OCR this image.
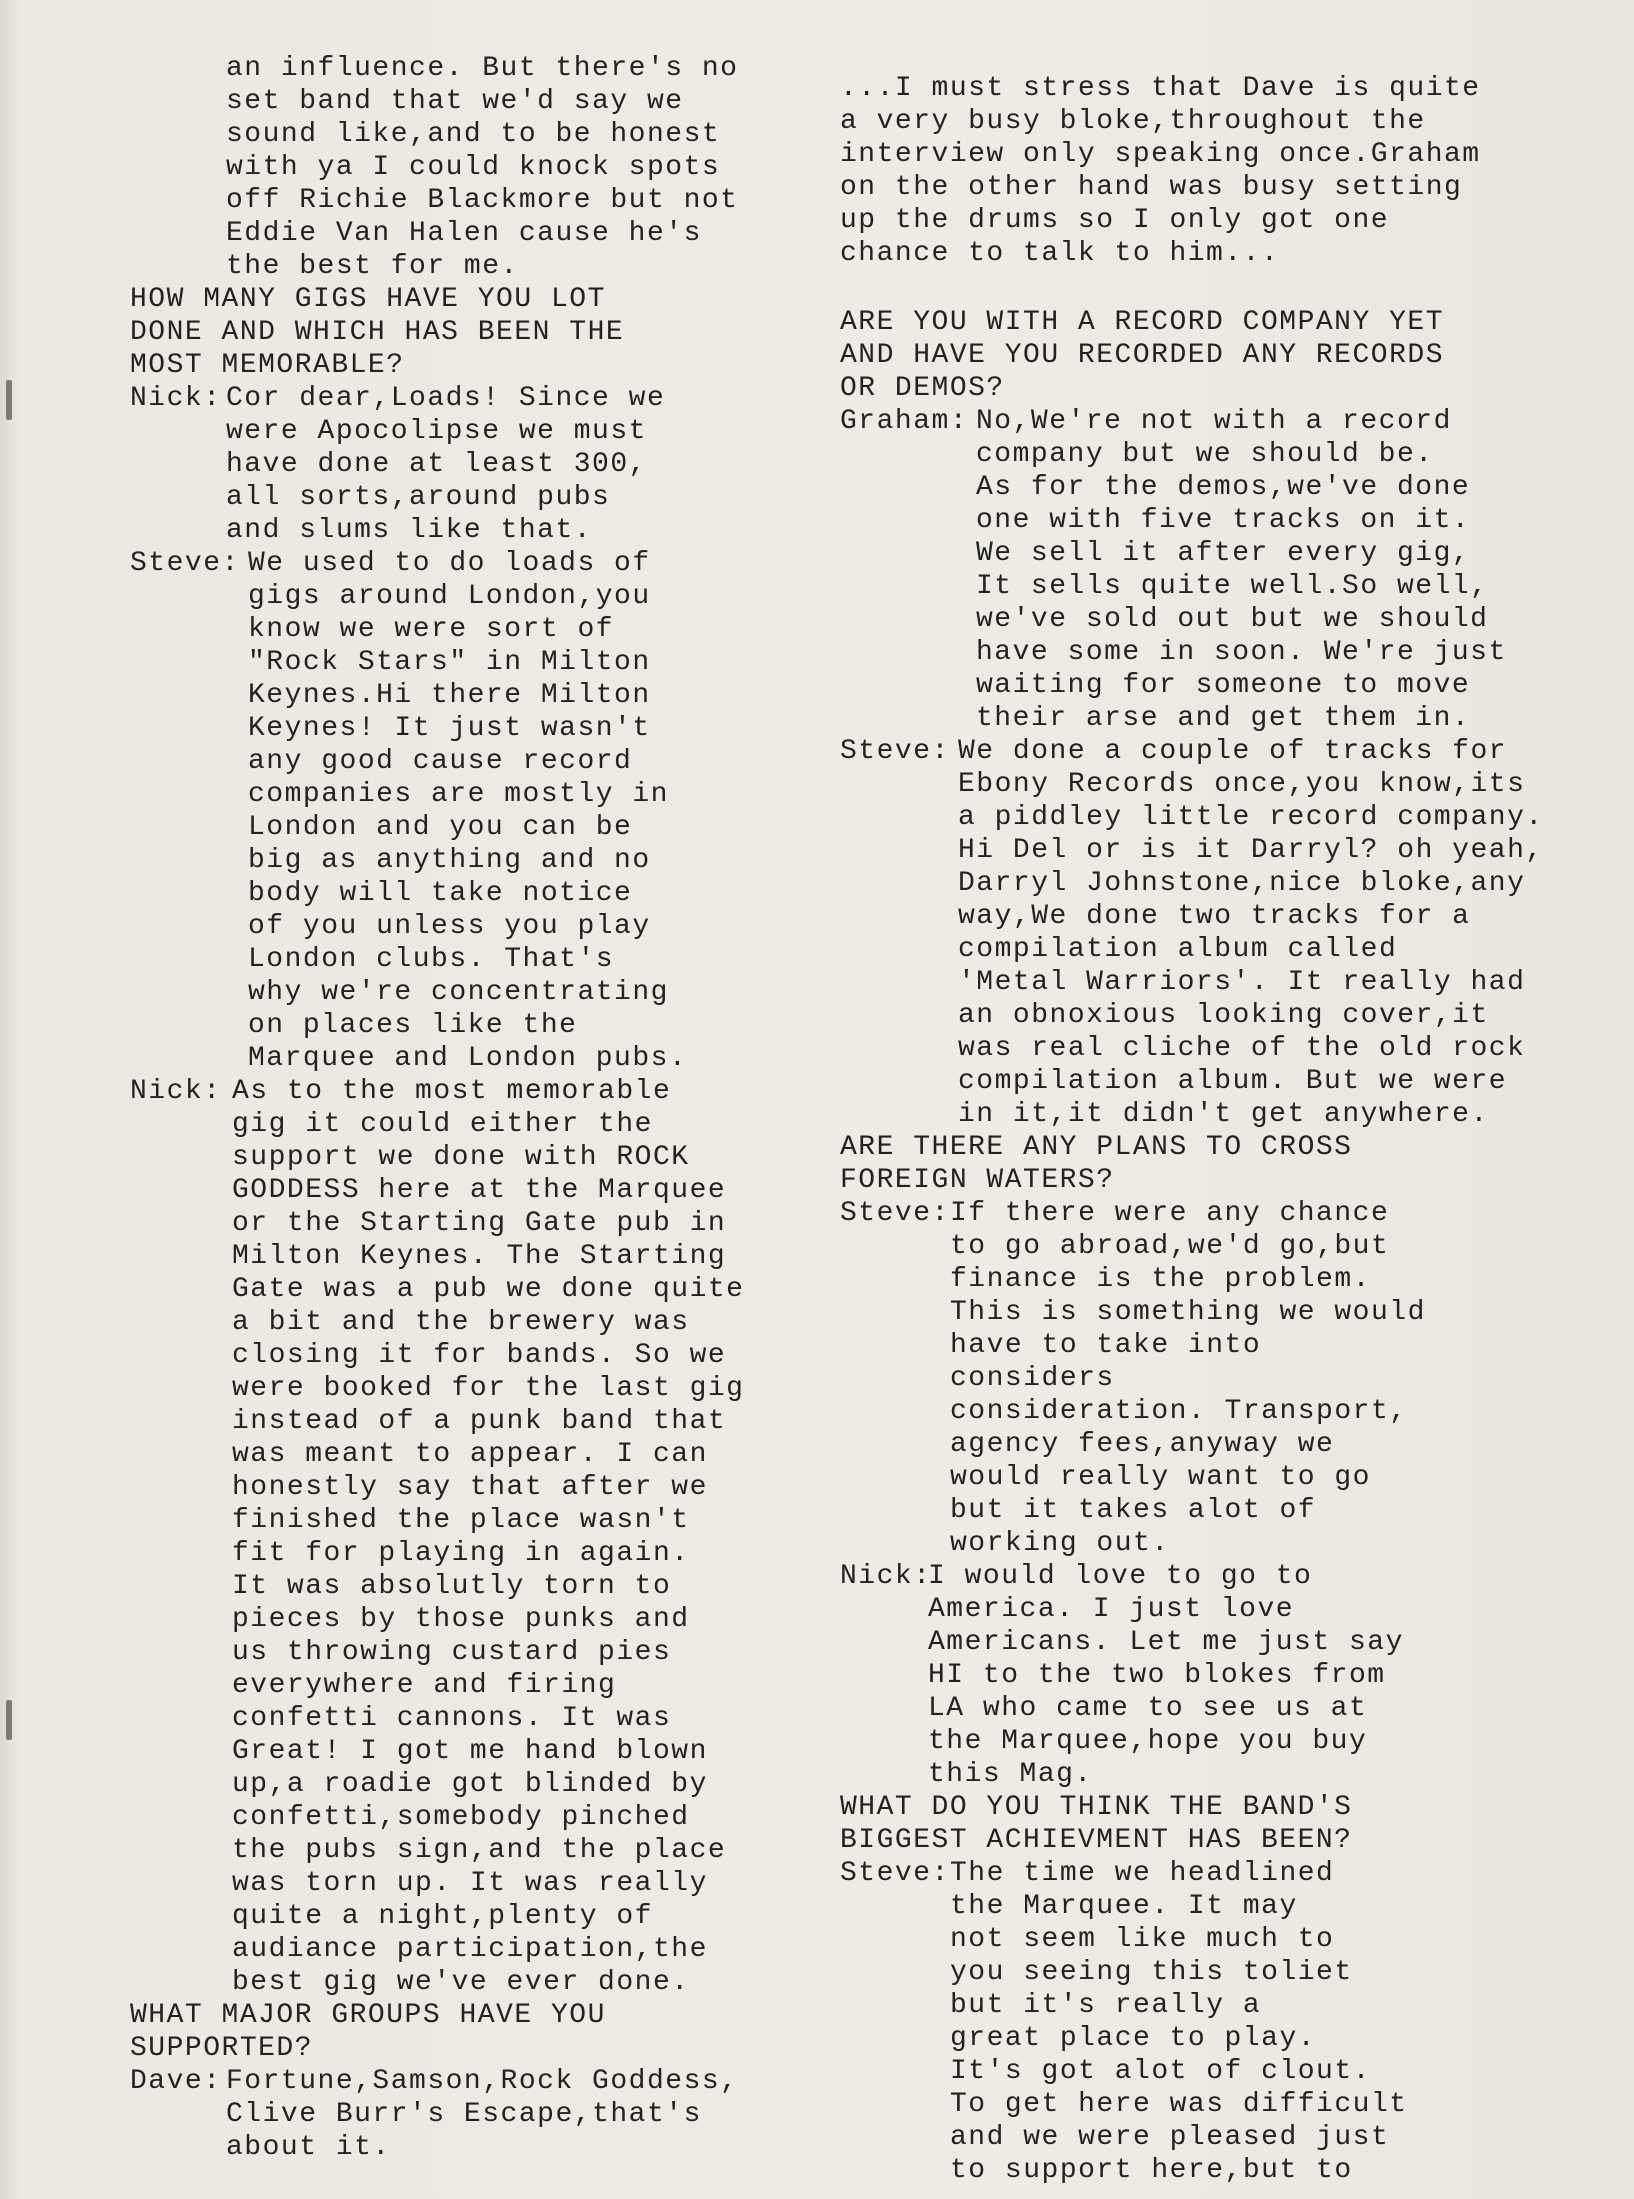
an influence. But there's no
set band that we'd say we
sound like,and to be honest
with ya I could knock spots
off Richie Blackmore but not
Eddie Van Halen cause he's
the best for me.
HOW MANY GIGS HAVE YOU LOT
DONE AND WHICH HAS BEEN THE
MOST MEMORABLE?
Nick: Cor dear,Loads! Since we
were Apocolipse we must
have done at least 300,
all sorts,around pubs
and slums like that.
Steve: We used to do loads of
gigs around London,you
know we were sort of
"Rock Stars" in Milton
Keynes.Hi there Milton
Keynes! It just wasn't
any good cause record
companies are mostly in
London and you can be
big as anything and no
body will take notice
of you unless you play
London clubs. That's
why we're concentrating
on places like the
Marquee and London pubs.
Nick: As to the most memorable
gig it could either the
support we done with ROCK
GODDESS here at the Marquee
or the Starting Gate pub in
Milton Keynes. The Starting
Gate was a pub we done quite
a bit and the brewery was
closing it for bands. So we
were booked for the last gig
instead of a punk band that
was meant to appear. I can
honestly say that after we
finished the place wasn't
fit for playing in again.
It was absolutly torn to
pieces by those punks and
us throwing custard pies
everywhere and firing
confetti cannons. It was
Great! I got me hand blown
up,a roadie got blinded by
confetti,somebody pinched
the pubs sign,and the place
was torn up. It was really
quite a night,plenty of
audiance participation,the
best gig we've ever done.
WHAT MAJOR GROUPS HAVE YOU
SUPPORTED?
Dave: Fortune,Samson,Rock Goddess,
Clive Burr's Escape,that's
about it.
...I must stress that Dave is quite
a very busy bloke,throughout the
interview only speaking once.Graham
on the other hand was busy setting
up the drums so I only got one
chance to talk to him...
ARE YOU WITH A RECORD COMPANY YET
AND HAVE YOU RECORDED ANY RECORDS
OR DEMOS?
Graham: No,We're not with a record
company but we should be.
As for the demos,we've done
one with five tracks on it.
We sell it after every gig,
It sells quite well.So well,
we've sold out but we should
have some in soon. We're just
waiting for someone to move
their arse and get them in.
Steve: We done a couple of tracks for
Ebony Records once,you know,its
a piddley little record company.
Hi Del or is it Darryl? oh yeah,
Darryl Johnstone,nice bloke,any
way,We done two tracks for a
compilation album called
'Metal Warriors'. It really had
an obnoxious looking cover,it
was real cliche of the old rock
compilation album. But we were
in it,it didn't get anywhere.
ARE THERE ANY PLANS TO CROSS
FOREIGN WATERS?
Steve:If there were any chance
to go abroad,we'd go,but
finance is the problem.
This is something we would
have to take into
considers
consideration. Transport,
agency fees,anyway we
would really want to go
but it takes alot of
working out.
Nick:I would love to go to
America. I just love
Americans. Let me just say
HI to the two blokes from
LA who came to see us at
the Marquee,hope you buy
this Mag.
WHAT DO YOU THINK THE BAND'S
BIGGEST ACHIEVMENT HAS BEEN?
Steve:The time we headlined
the Marquee. It may
not seem like much to
you seeing this toliet
but it's really a
great place to play.
It's got alot of clout.
To get here was difficult
and we were pleased just
to support here,but to
